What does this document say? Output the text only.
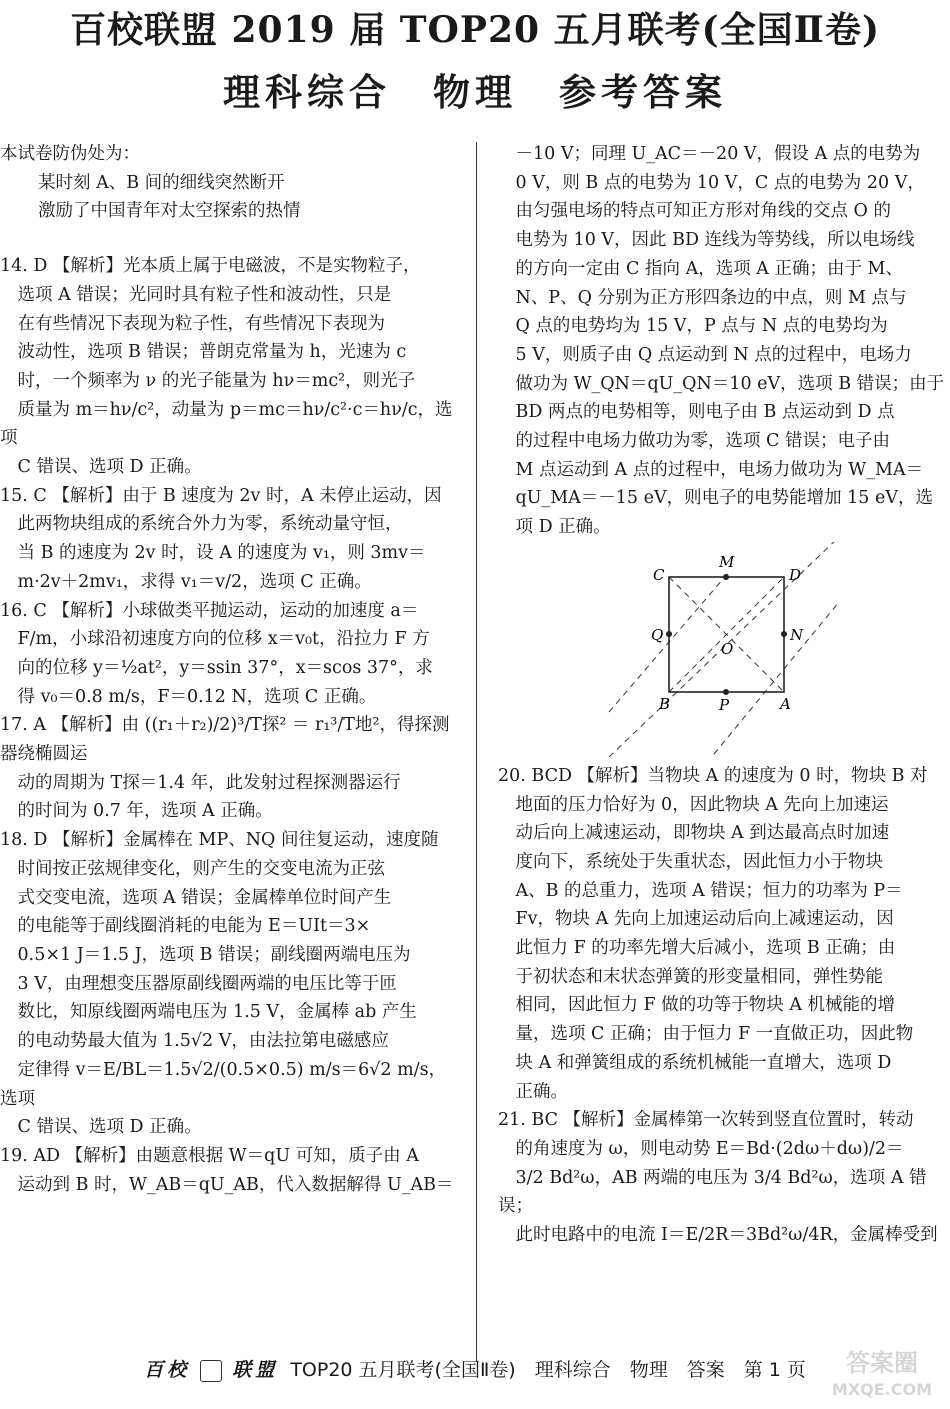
百校联盟 2019 届 TOP20 五月联考(全国Ⅱ卷)
理科综合　物理　参考答案

本试卷防伪处为：

某时刻 A、B 间的细线突然断开

激励了中国青年对太空探索的热情

14. D 【解析】光本质上属于电磁波，不是实物粒子，

选项 A 错误；光同时具有粒子性和波动性，只是

在有些情况下表现为粒子性，有些情况下表现为

波动性，选项 B 错误；普朗克常量为 h，光速为 c

时，一个频率为 ν 的光子能量为 hν＝mc²，则光子

质量为 m＝hν/c²，动量为 p＝mc＝hν/c²·c＝hν/c，选项

C 错误、选项 D 正确。

15. C 【解析】由于 B 速度为 2v 时，A 未停止运动，因

此两物块组成的系统合外力为零，系统动量守恒，

当 B 的速度为 2v 时，设 A 的速度为 v₁，则 3mv＝

m·2v＋2mv₁，求得 v₁＝v/2，选项 C 正确。

16. C 【解析】小球做类平抛运动，运动的加速度 a＝

F/m，小球沿初速度方向的位移 x＝v₀t，沿拉力 F 方

向的位移 y＝½at²，y＝ssin 37°，x＝scos 37°，求

得 v₀＝0.8 m/s，F＝0.12 N，选项 C 正确。

17. A 【解析】由 ((r₁＋r₂)/2)³/T探² ＝ r₁³/T地²，得探测器绕椭圆运

动的周期为 T探＝1.4 年，此发射过程探测器运行

的时间为 0.7 年，选项 A 正确。

18. D 【解析】金属棒在 MP、NQ 间往复运动，速度随

时间按正弦规律变化，则产生的交变电流为正弦

式交变电流，选项 A 错误；金属棒单位时间产生

的电能等于副线圈消耗的电能为 E＝UIt＝3×

0.5×1 J＝1.5 J，选项 B 错误；副线圈两端电压为

3 V，由理想变压器原副线圈两端的电压比等于匝

数比，知原线圈两端电压为 1.5 V，金属棒 ab 产生

的电动势最大值为 1.5√2 V，由法拉第电磁感应

定律得 v＝E/BL＝1.5√2/(0.5×0.5) m/s＝6√2 m/s，选项

C 错误、选项 D 正确。

19. AD 【解析】由题意根据 W＝qU 可知，质子由 A

运动到 B 时，W_AB＝qU_AB，代入数据解得 U_AB＝

－10 V；同理 U_AC＝－20 V，假设 A 点的电势为

0 V，则 B 点的电势为 10 V，C 点的电势为 20 V，

由匀强电场的特点可知正方形对角线的交点 O 的

电势为 10 V，因此 BD 连线为等势线，所以电场线

的方向一定由 C 指向 A，选项 A 正确；由于 M、

N、P、Q 分别为正方形四条边的中点，则 M 点与

Q 点的电势均为 15 V，P 点与 N 点的电势均为

5 V，则质子由 Q 点运动到 N 点的过程中，电场力

做功为 W_QN＝qU_QN＝10 eV，选项 B 错误；由于

BD 两点的电势相等，则电子由 B 点运动到 D 点

的过程中电场力做功为零，选项 C 错误；电子由

M 点运动到 A 点的过程中，电场力做功为 W_MA＝

qU_MA＝－15 eV，则电子的电势能增加 15 eV，选

项 D 正确。

C
M
D
Q
O
N
B	P	A

20. BCD 【解析】当物块 A 的速度为 0 时，物块 B 对

地面的压力恰好为 0，因此物块 A 先向上加速运

动后向上减速运动，即物块 A 到达最高点时加速

度向下，系统处于失重状态，因此恒力小于物块

A、B 的总重力，选项 A 错误；恒力的功率为 P＝

Fv，物块 A 先向上加速运动后向上减速运动，因

此恒力 F 的功率先增大后减小，选项 B 正确；由

于初状态和末状态弹簧的形变量相同，弹性势能

相同，因此恒力 F 做的功等于物块 A 机械能的增

量，选项 C 正确；由于恒力 F 一直做正功，因此物

块 A 和弹簧组成的系统机械能一直增大，选项 D

正确。

21. BC 【解析】金属棒第一次转到竖直位置时，转动

的角速度为 ω，则电动势 E＝Bd·(2dω＋dω)/2＝

3/2 Bd²ω，AB 两端的电压为 3/4 Bd²ω，选项 A 错误；

此时电路中的电流 I＝E/2R＝3Bd²ω/4R，金属棒受到

百校 联盟 TOP20 五月联考(全国Ⅱ卷)　理科综合　物理　答案　第 1 页	答案圈
MXQE.COM
